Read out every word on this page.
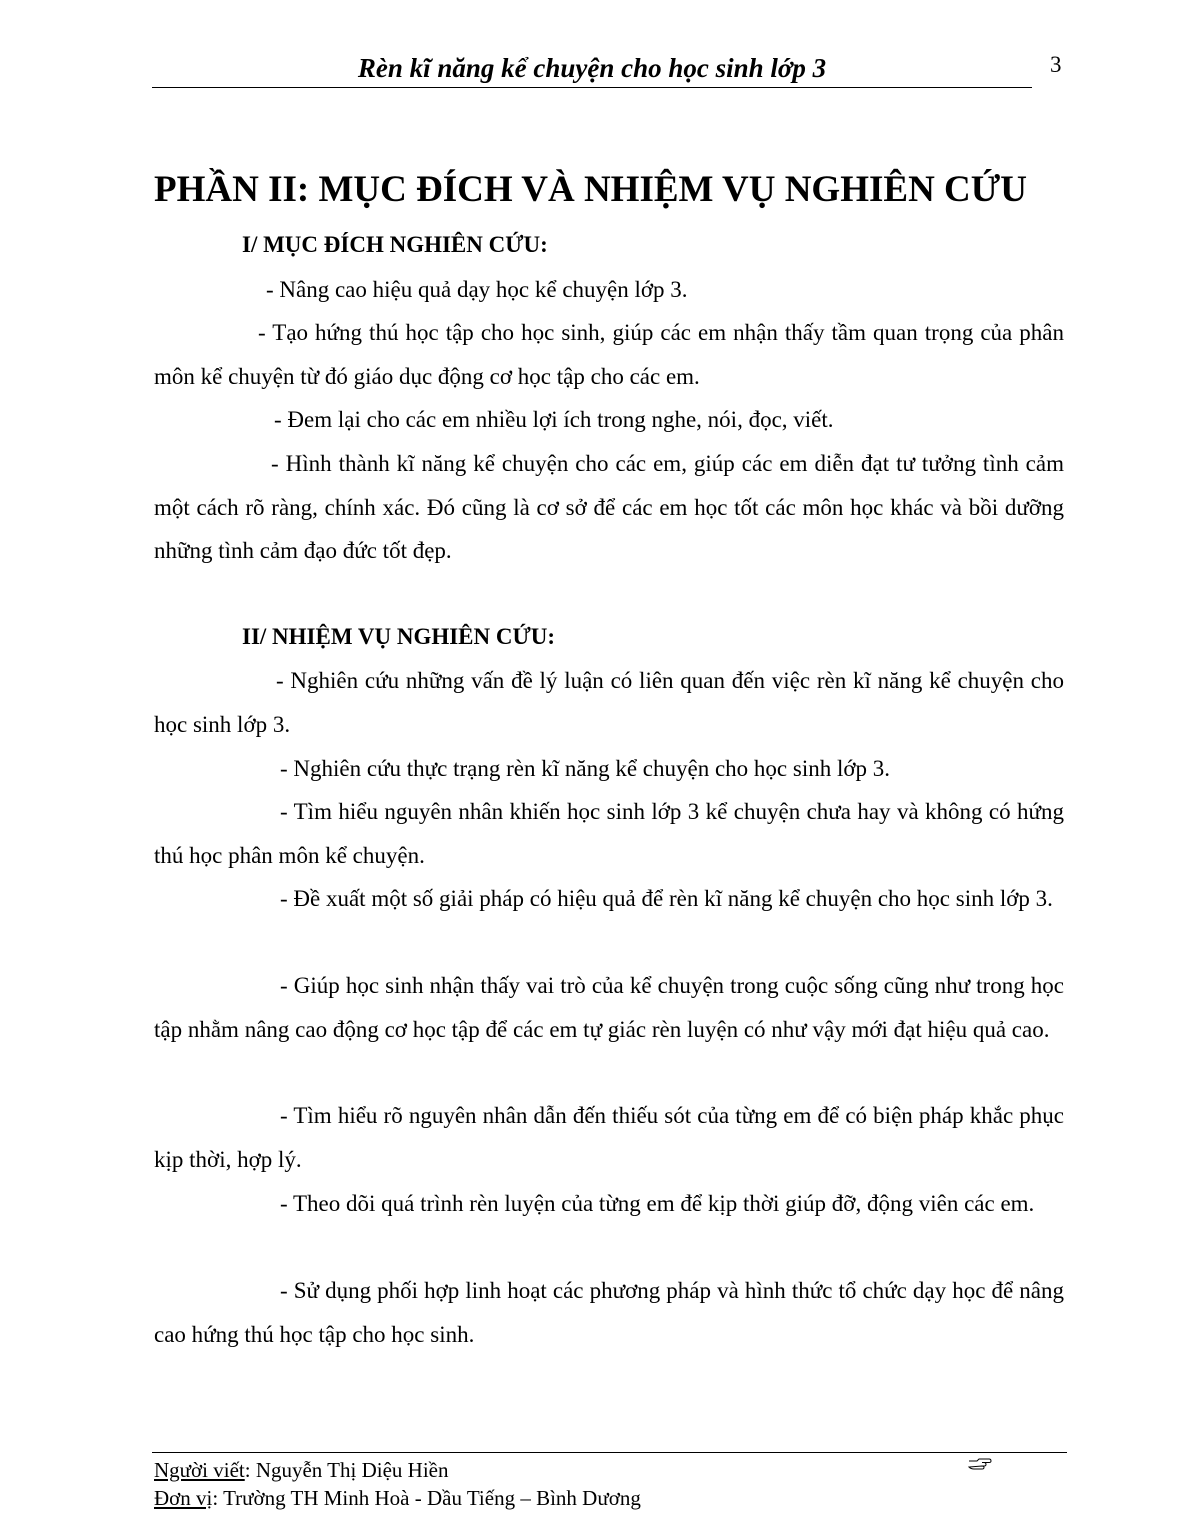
Rèn kĩ năng kể chuyện cho học sinh lớp 3	3
PHẦN II: MỤC ĐÍCH VÀ NHIỆM VỤ NGHIÊN CỨU
I/ MỤC ĐÍCH NGHIÊN CỨU:

- Nâng cao hiệu quả dạy học kể chuyện lớp 3.

- Tạo hứng thú học tập cho học sinh, giúp các em nhận thấy tầm quan trọng của phân môn kể chuyện từ đó giáo dục động cơ học tập cho các em.

- Đem lại cho các em nhiều lợi ích trong nghe, nói, đọc, viết.

- Hình thành kĩ năng kể chuyện cho các em, giúp các em diễn đạt tư tưởng tình cảm một cách rõ ràng, chính xác. Đó cũng là cơ sở để các em học tốt các môn học khác và bồi dưỡng những tình cảm đạo đức tốt đẹp.

II/ NHIỆM VỤ NGHIÊN CỨU:

- Nghiên cứu những vấn đề lý luận có liên quan đến việc rèn kĩ năng kể chuyện cho học sinh lớp 3.

- Nghiên cứu thực trạng rèn kĩ năng kể chuyện cho học sinh lớp 3.

- Tìm hiểu nguyên nhân khiến học sinh lớp 3 kể chuyện chưa hay và không có hứng thú học phân môn kể chuyện.

- Đề xuất một số giải pháp có hiệu quả để rèn kĩ năng kể chuyện cho học sinh lớp 3.

- Giúp học sinh nhận thấy vai trò của kể chuyện trong cuộc sống cũng như trong học tập nhằm nâng cao động cơ học tập để các em tự giác rèn luyện có như vậy mới đạt hiệu quả cao.

- Tìm hiểu rõ nguyên nhân dẫn đến thiếu sót của từng em để có biện pháp khắc phục kịp thời, hợp lý.

- Theo dõi quá trình rèn luyện của từng em để kịp thời giúp đỡ, động viên các em.

- Sử dụng phối hợp linh hoạt các phương pháp và hình thức tổ chức dạy học để nâng cao hứng thú học tập cho học sinh.

Người viết: Nguyễn Thị Diệu Hiền
Đơn vị: Trường TH Minh Hoà - Dầu Tiếng – Bình Dương
